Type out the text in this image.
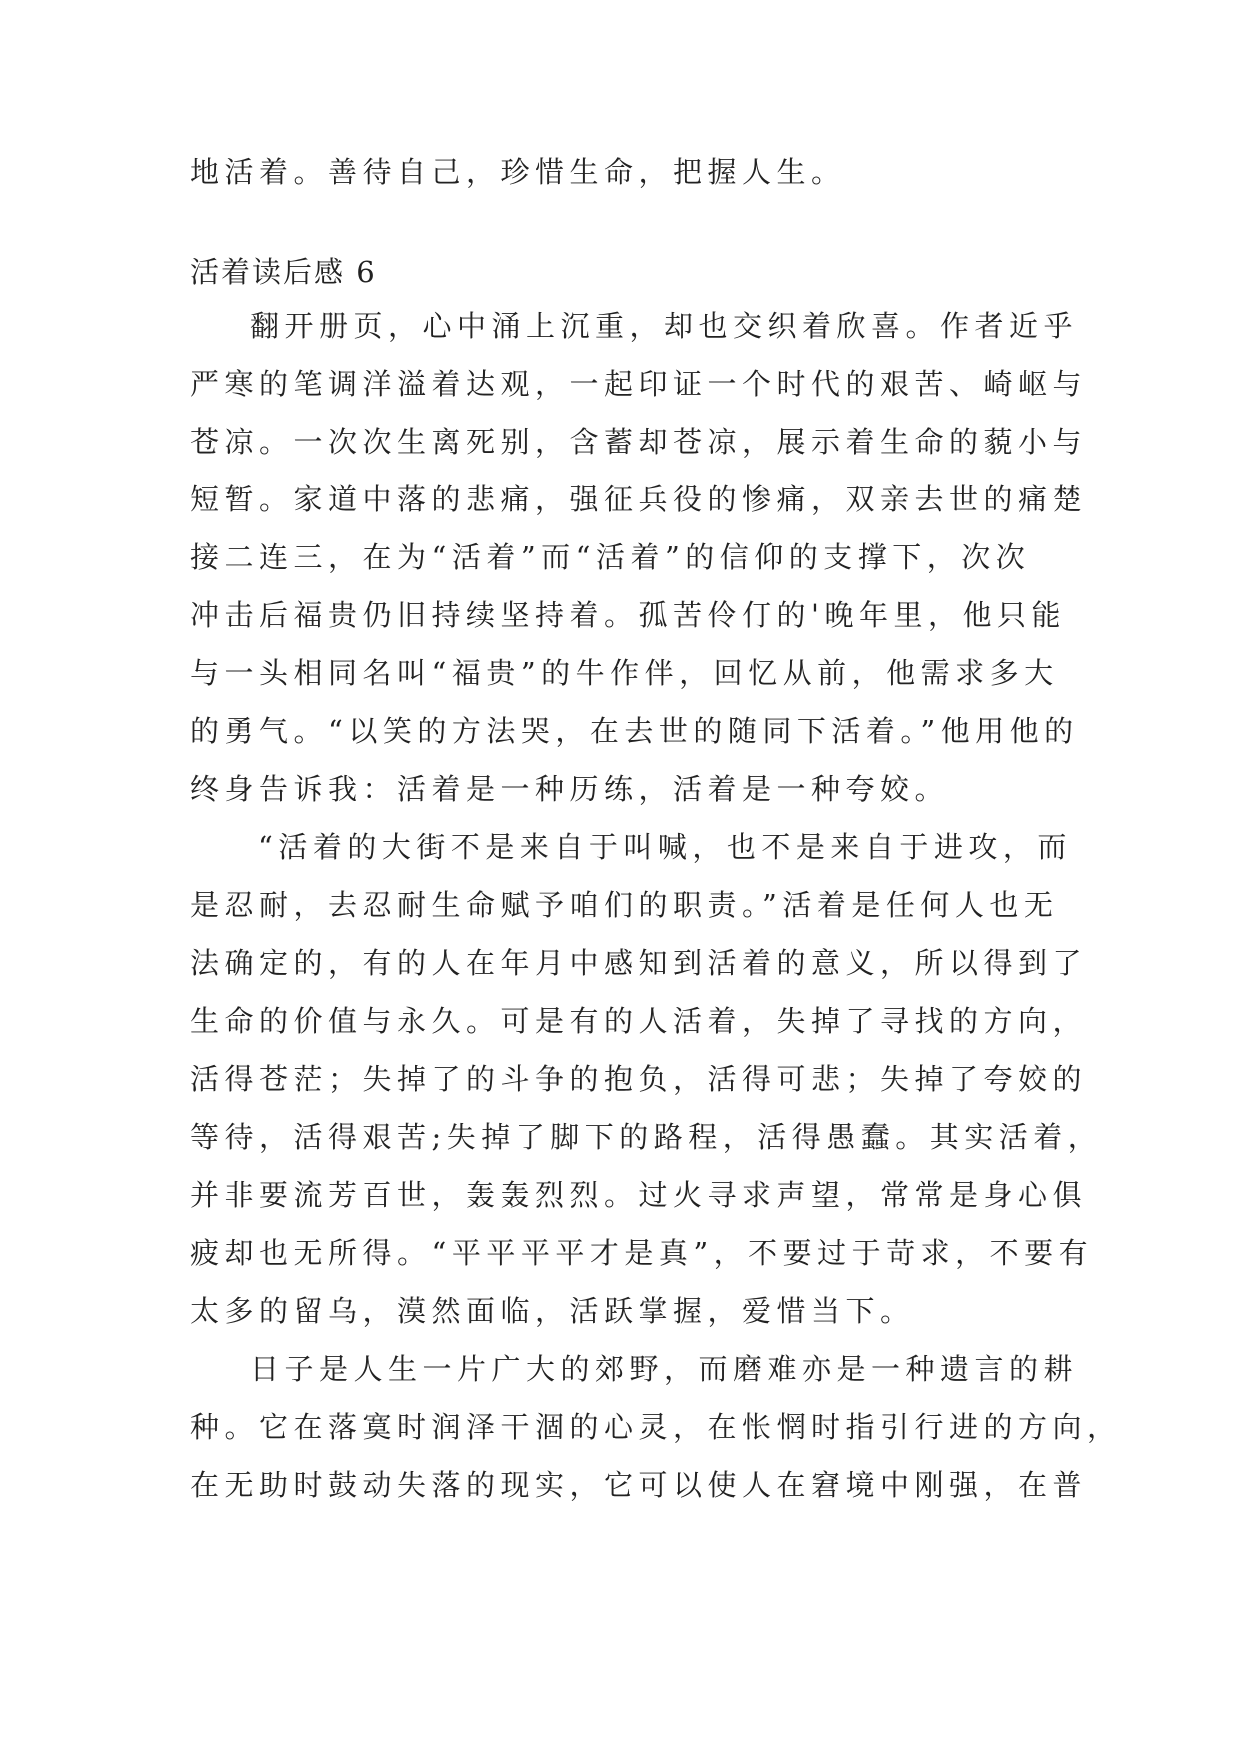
地活着。善待自己，珍惜生命，把握人生。
活着读后感 6
翻开册页，心中涌上沉重，却也交织着欣喜。作者近乎
严寒的笔调洋溢着达观，一起印证一个时代的艰苦、崎岖与
苍凉。一次次生离死别，含蓄却苍凉，展示着生命的藐小与
短暂。家道中落的悲痛，强征兵役的惨痛，双亲去世的痛楚
接二连三，在为“活着”而“活着”的信仰的支撑下，次次
冲击后福贵仍旧持续坚持着。孤苦伶仃的'晚年里，他只能
与一头相同名叫“福贵”的牛作伴，回忆从前，他需求多大
的勇气。“以笑的方法哭，在去世的随同下活着。”他用他的
终身告诉我：活着是一种历练，活着是一种夸姣。
“活着的大街不是来自于叫喊，也不是来自于进攻，而
是忍耐，去忍耐生命赋予咱们的职责。”活着是任何人也无
法确定的，有的人在年月中感知到活着的意义，所以得到了
生命的价值与永久。可是有的人活着，失掉了寻找的方向，
活得苍茫；失掉了的斗争的抱负，活得可悲；失掉了夸姣的
等待，活得艰苦;失掉了脚下的路程，活得愚蠢。其实活着，
并非要流芳百世，轰轰烈烈。过火寻求声望，常常是身心俱
疲却也无所得。“平平平平才是真”，不要过于苛求，不要有
太多的留乌，漠然面临，活跃掌握，爱惜当下。
日子是人生一片广大的郊野，而磨难亦是一种遗言的耕
种。它在落寞时润泽干涸的心灵，在怅惘时指引行进的方向，
在无助时鼓动失落的现实，它可以使人在窘境中刚强，在普
